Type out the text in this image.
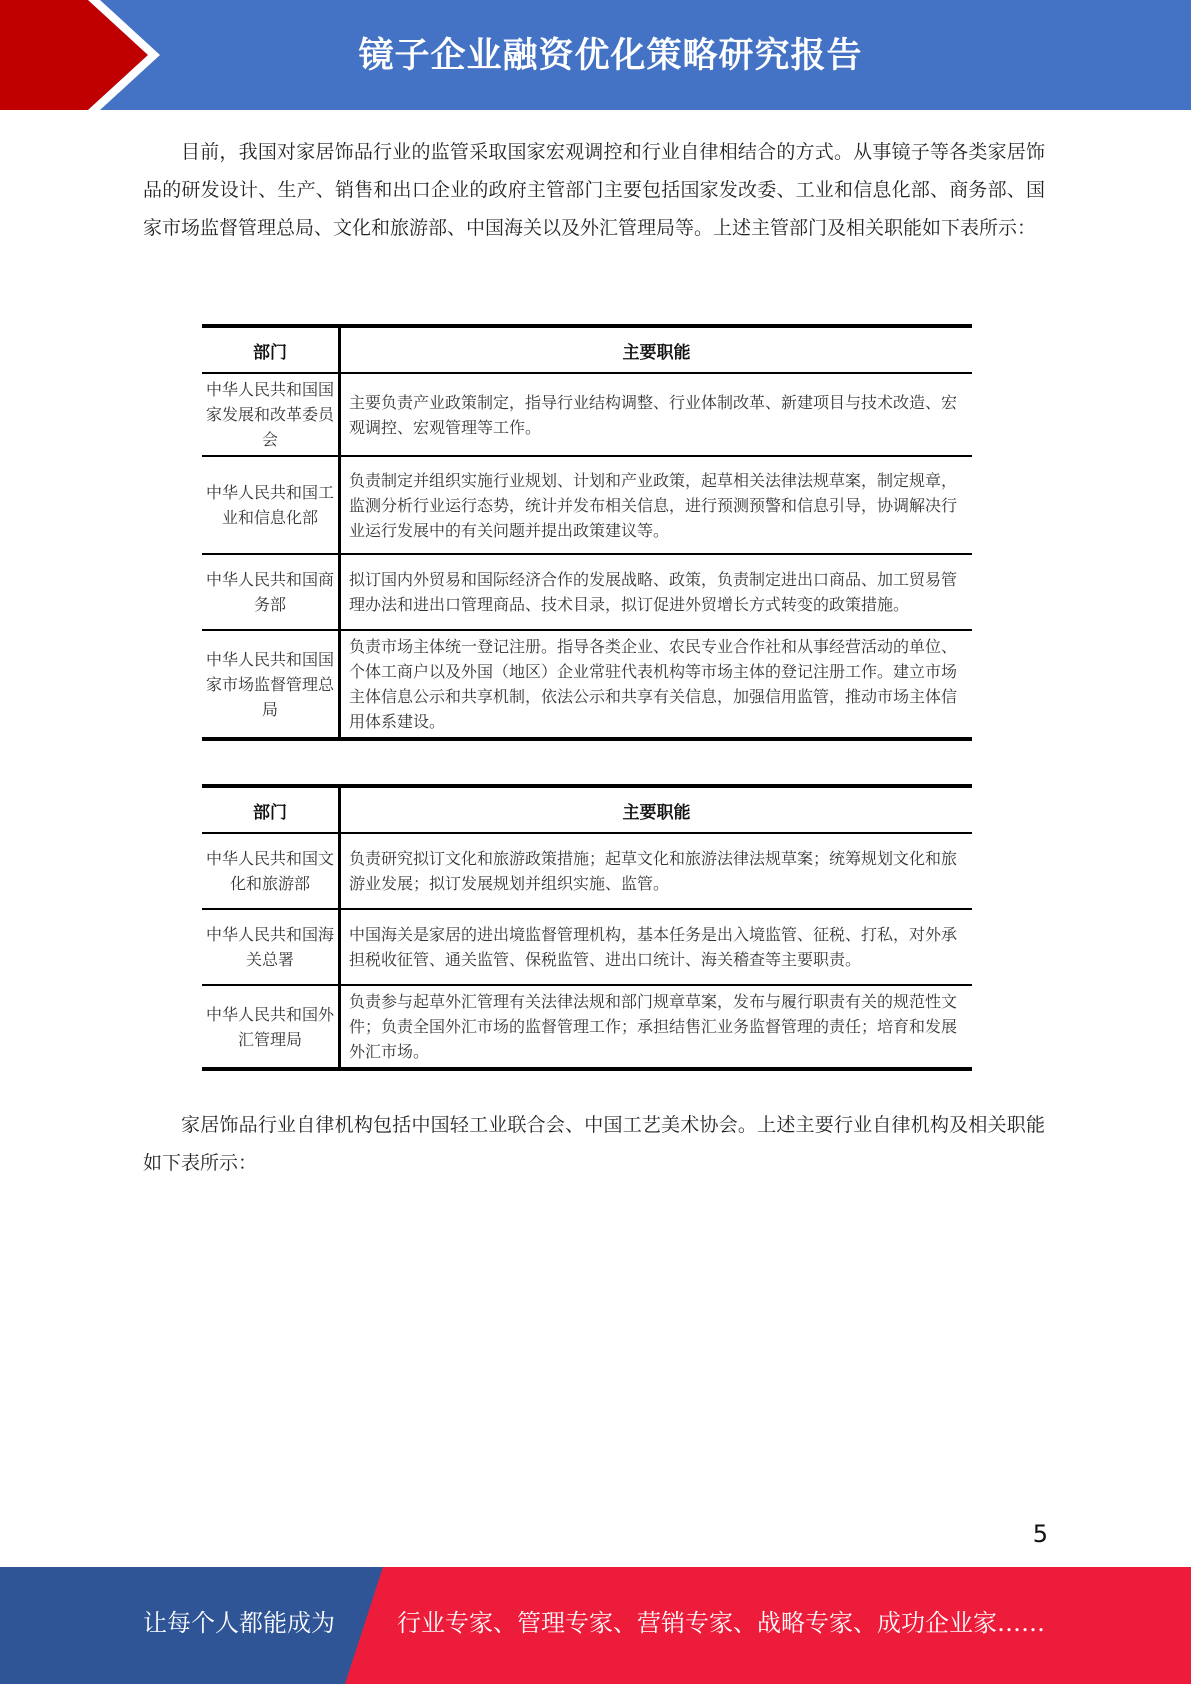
镜子企业融资优化策略研究报告
目前，我国对家居饰品行业的监管采取国家宏观调控和行业自律相结合的方式。从事镜子等各类家居饰品的研发设计、生产、销售和出口企业的政府主管部门主要包括国家发改委、工业和信息化部、商务部、国家市场监督管理总局、文化和旅游部、中国海关以及外汇管理局等。上述主管部门及相关职能如下表所示：
部门	主要职能
中华人民共和国国家发展和改革委员会	主要负责产业政策制定，指导行业结构调整、行业体制改革、新建项目与技术改造、宏观调控、宏观管理等工作。
中华人民共和国工业和信息化部	负责制定并组织实施行业规划、计划和产业政策，起草相关法律法规草案，制定规章，监测分析行业运行态势，统计并发布相关信息，进行预测预警和信息引导，协调解决行业运行发展中的有关问题并提出政策建议等。
中华人民共和国商务部	拟订国内外贸易和国际经济合作的发展战略、政策，负责制定进出口商品、加工贸易管理办法和进出口管理商品、技术目录，拟订促进外贸增长方式转变的政策措施。
中华人民共和国国家市场监督管理总局	负责市场主体统一登记注册。指导各类企业、农民专业合作社和从事经营活动的单位、个体工商户以及外国（地区）企业常驻代表机构等市场主体的登记注册工作。建立市场主体信息公示和共享机制，依法公示和共享有关信息，加强信用监管，推动市场主体信用体系建设。
部门	主要职能
中华人民共和国文化和旅游部	负责研究拟订文化和旅游政策措施；起草文化和旅游法律法规草案；统筹规划文化和旅游业发展；拟订发展规划并组织实施、监管。
中华人民共和国海关总署	中国海关是家居的进出境监督管理机构，基本任务是出入境监管、征税、打私，对外承担税收征管、通关监管、保税监管、进出口统计、海关稽查等主要职责。
中华人民共和国外汇管理局	负责参与起草外汇管理有关法律法规和部门规章草案，发布与履行职责有关的规范性文件；负责全国外汇市场的监督管理工作；承担结售汇业务监督管理的责任；培育和发展外汇市场。
家居饰品行业自律机构包括中国轻工业联合会、中国工艺美术协会。上述主要行业自律机构及相关职能如下表所示：
5
让每个人都能成为	行业专家、管理专家、营销专家、战略专家、成功企业家……
